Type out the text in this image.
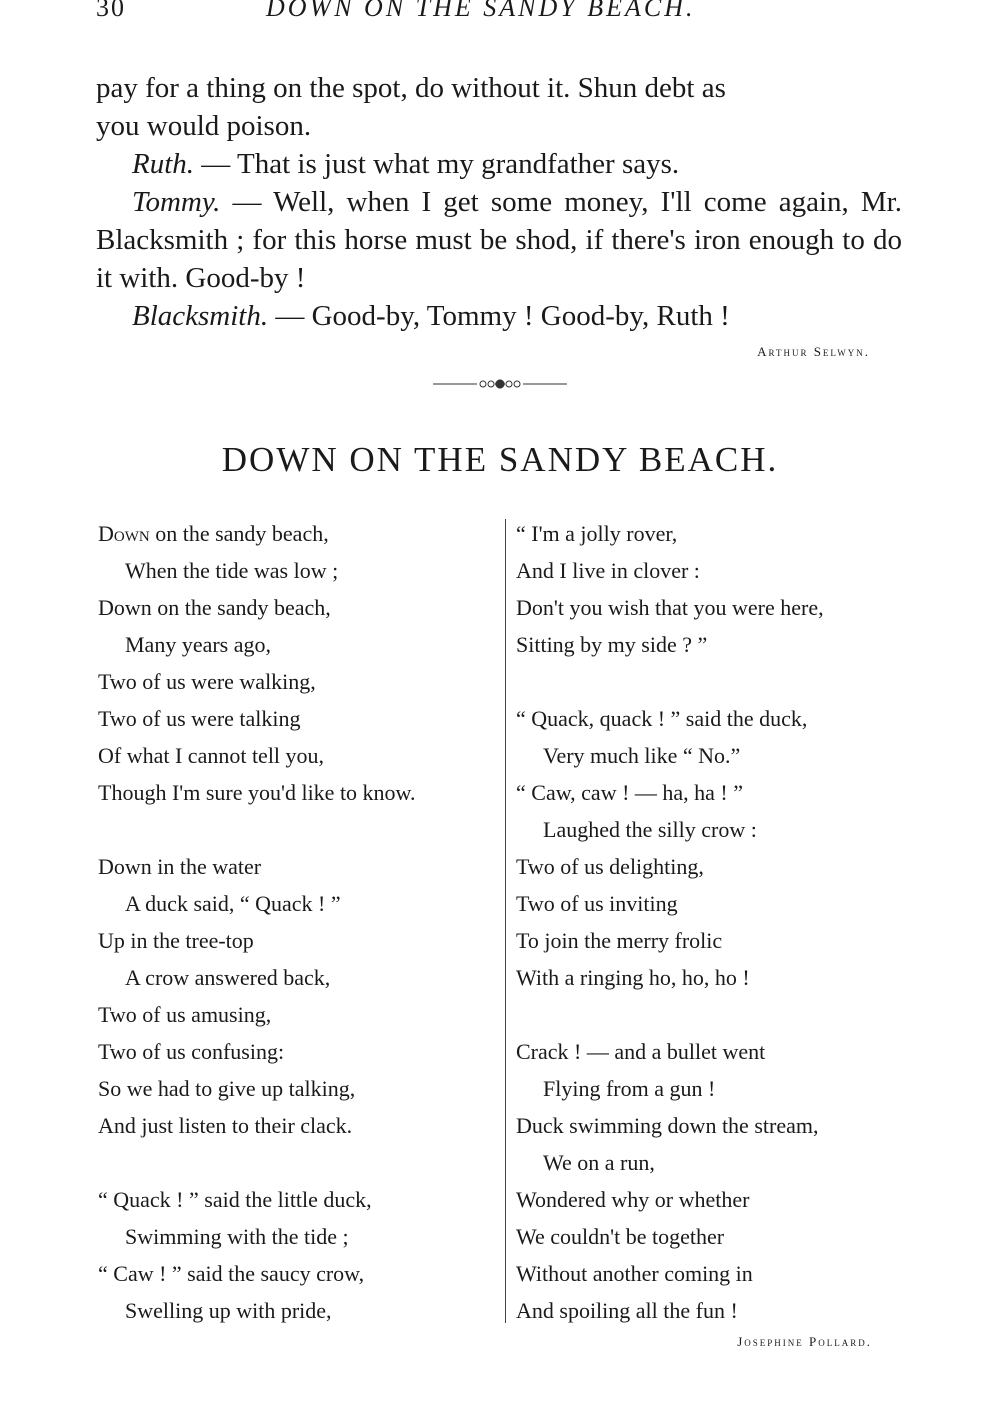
30	DOWN ON THE SANDY BEACH.

pay for a thing on the spot, do without it. Shun debt as
you would poison.

Ruth. — That is just what my grandfather says.

Tommy. — Well, when I get some money, I'll come again, Mr. Blacksmith ; for this horse must be shod, if there's iron enough to do it with. Good-by !

Blacksmith. — Good-by, Tommy ! Good-by, Ruth !

Arthur Selwyn.
DOWN ON THE SANDY BEACH.
Down on the sandy beach,
When the tide was low ;
Down on the sandy beach,
Many years ago,
Two of us were walking,
Two of us were talking
Of what I cannot tell you,
Though I'm sure you'd like to know.
Down in the water
A duck said, “ Quack ! ”
Up in the tree-top
A crow answered back,
Two of us amusing,
Two of us confusing:
So we had to give up talking,
And just listen to their clack.
“ Quack ! ” said the little duck,
Swimming with the tide ;
“ Caw ! ” said the saucy crow,
Swelling up with pride,
“ I'm a jolly rover,
And I live in clover :
Don't you wish that you were here,
Sitting by my side ? ”
“ Quack, quack ! ” said the duck,
Very much like “ No.”
“ Caw, caw ! — ha, ha ! ”
Laughed the silly crow :
Two of us delighting,
Two of us inviting
To join the merry frolic
With a ringing ho, ho, ho !
Crack ! — and a bullet went
Flying from a gun !
Duck swimming down the stream,
We on a run,
Wondered why or whether
We couldn't be together
Without another coming in
And spoiling all the fun !
Josephine Pollard.
